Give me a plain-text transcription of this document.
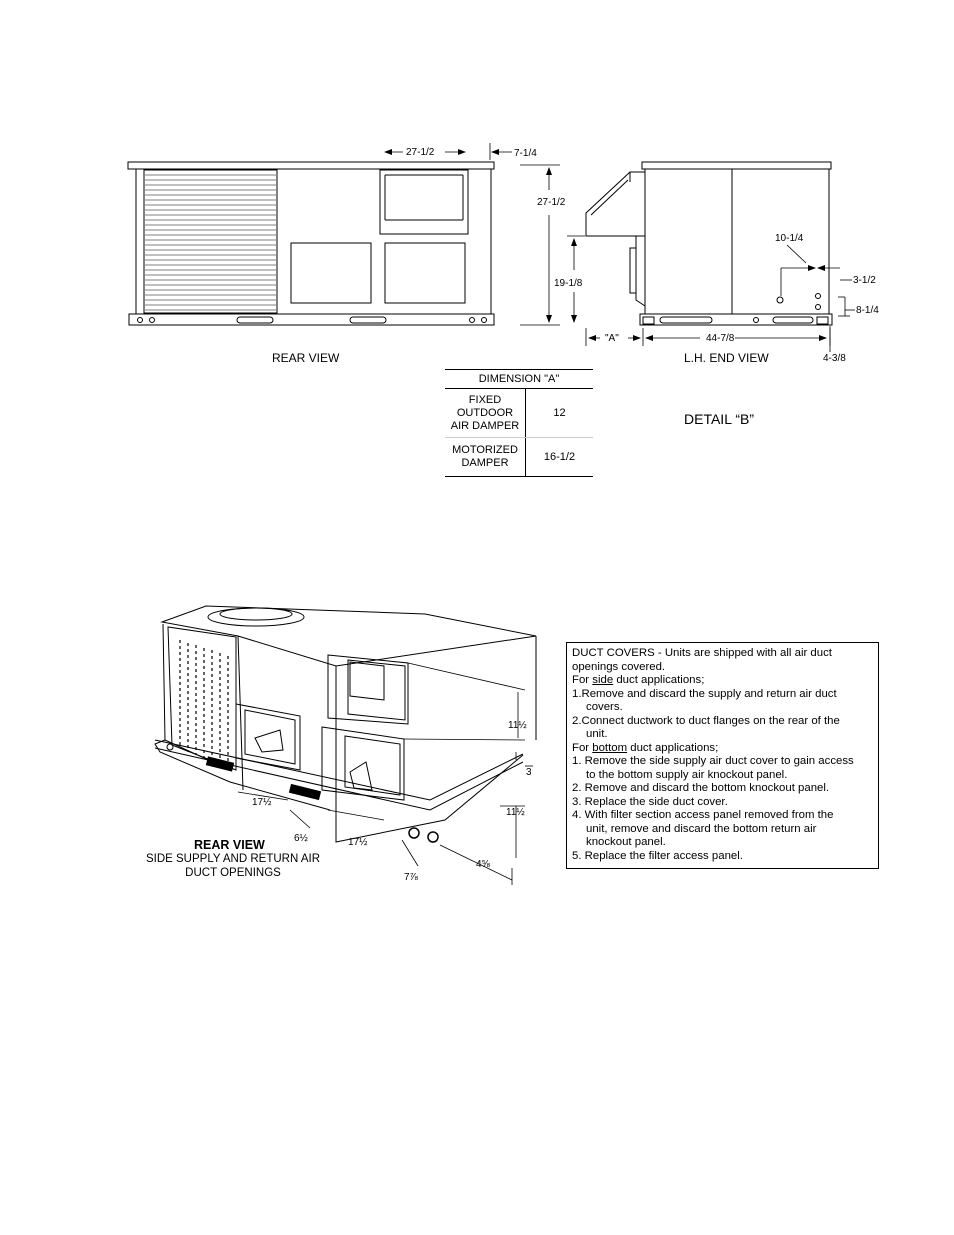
27-1/2	7-1/4
REAR VIEW
27-1/2
19-1/8
10-1/4
3-1/2
8-1/4
"A"	44-7/8
4-3/8
L.H. END VIEW
11½
3
11½
17½
6½	17½
4⅝
7⅞
DIMENSION "A"	

FIXED
OUTDOOR
AIR DAMPER	12

MOTORIZED
DAMPER	16-1/2
DETAIL “B”
DUCT COVERS - Units are shipped with all air duct
openings covered.
For side duct applications;
1.Remove and discard the supply and return air duct
covers.
2.Connect ductwork to duct flanges on the rear of the
unit.
For bottom duct applications;
1. Remove the side supply air duct cover to gain access
to the bottom supply air knockout panel.
2. Remove and discard the bottom knockout panel.
3. Replace the side duct cover.
4. With filter section access panel removed from the
unit, remove and discard the bottom return air
knockout panel.
5. Replace the filter access panel.
REAR VIEW
SIDE SUPPLY AND RETURN AIR
DUCT OPENINGS
